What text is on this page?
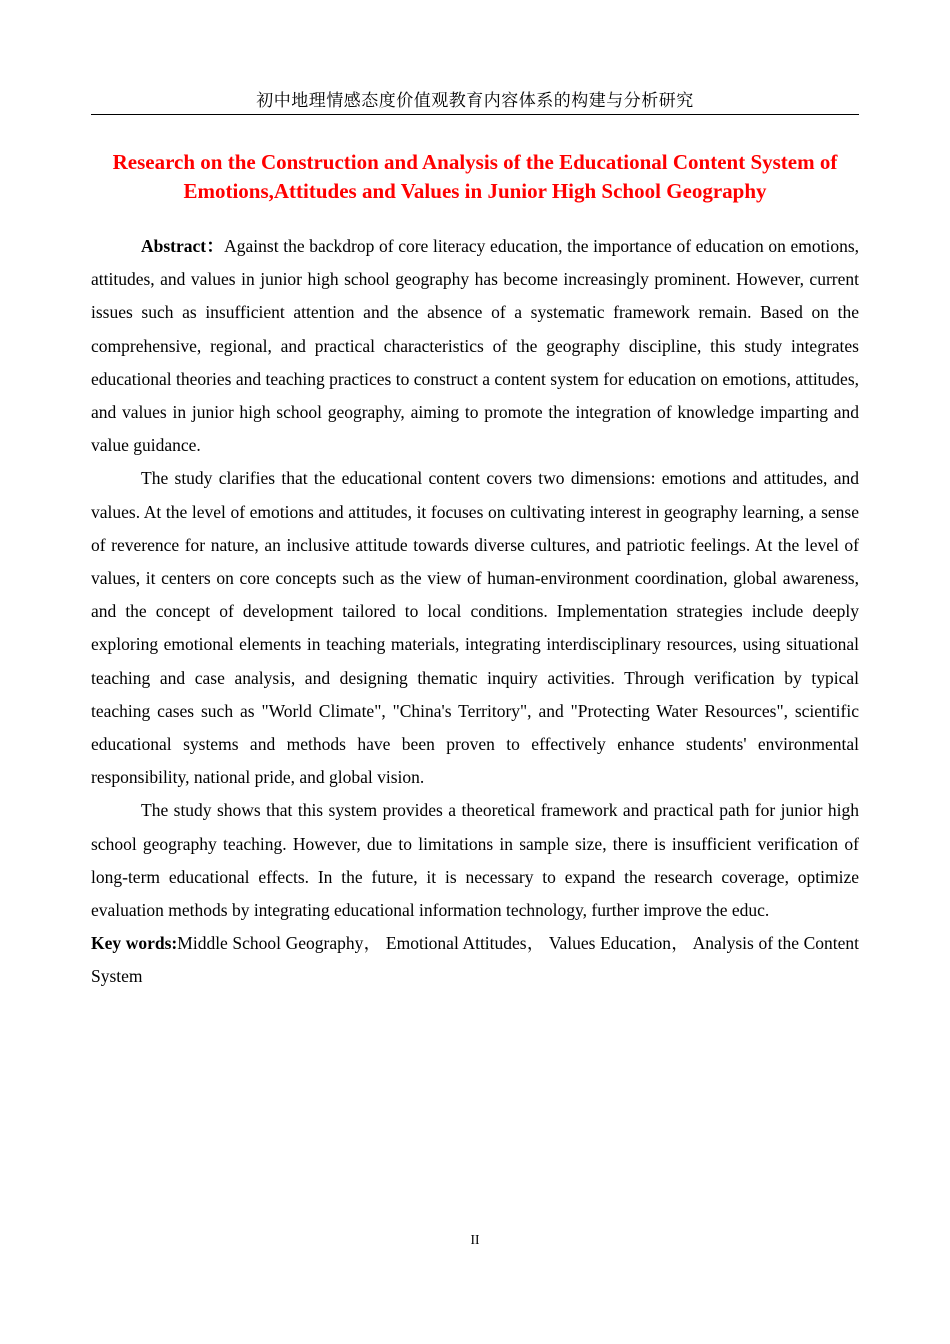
初中地理情感态度价值观教育内容体系的构建与分析研究
Research on the Construction and Analysis of the Educational Content System of Emotions,Attitudes and Values in Junior High School Geography

Abstract：Against the backdrop of core literacy education, the importance of education on emotions, attitudes, and values in junior high school geography has become increasingly prominent. However, current issues such as insufficient attention and the absence of a systematic framework remain. Based on the comprehensive, regional, and practical characteristics of the geography discipline, this study integrates educational theories and teaching practices to construct a content system for education on emotions, attitudes, and values in junior high school geography, aiming to promote the integration of knowledge imparting and value guidance.

The study clarifies that the educational content covers two dimensions: emotions and attitudes, and values. At the level of emotions and attitudes, it focuses on cultivating interest in geography learning, a sense of reverence for nature, an inclusive attitude towards diverse cultures, and patriotic feelings. At the level of values, it centers on core concepts such as the view of human-environment coordination, global awareness, and the concept of development tailored to local conditions. Implementation strategies include deeply exploring emotional elements in teaching materials, integrating interdisciplinary resources, using situational teaching and case analysis, and designing thematic inquiry activities. Through verification by typical teaching cases such as "World Climate", "China's Territory", and "Protecting Water Resources", scientific educational systems and methods have been proven to effectively enhance students' environmental responsibility, national pride, and global vision.

The study shows that this system provides a theoretical framework and practical path for junior high school geography teaching. However, due to limitations in sample size, there is insufficient verification of long-term educational effects. In the future, it is necessary to expand the research coverage, optimize evaluation methods by integrating educational information technology, further improve the educ.

Key words:Middle School Geography， Emotional Attitudes， Values Education， Analysis of the Content System

II
